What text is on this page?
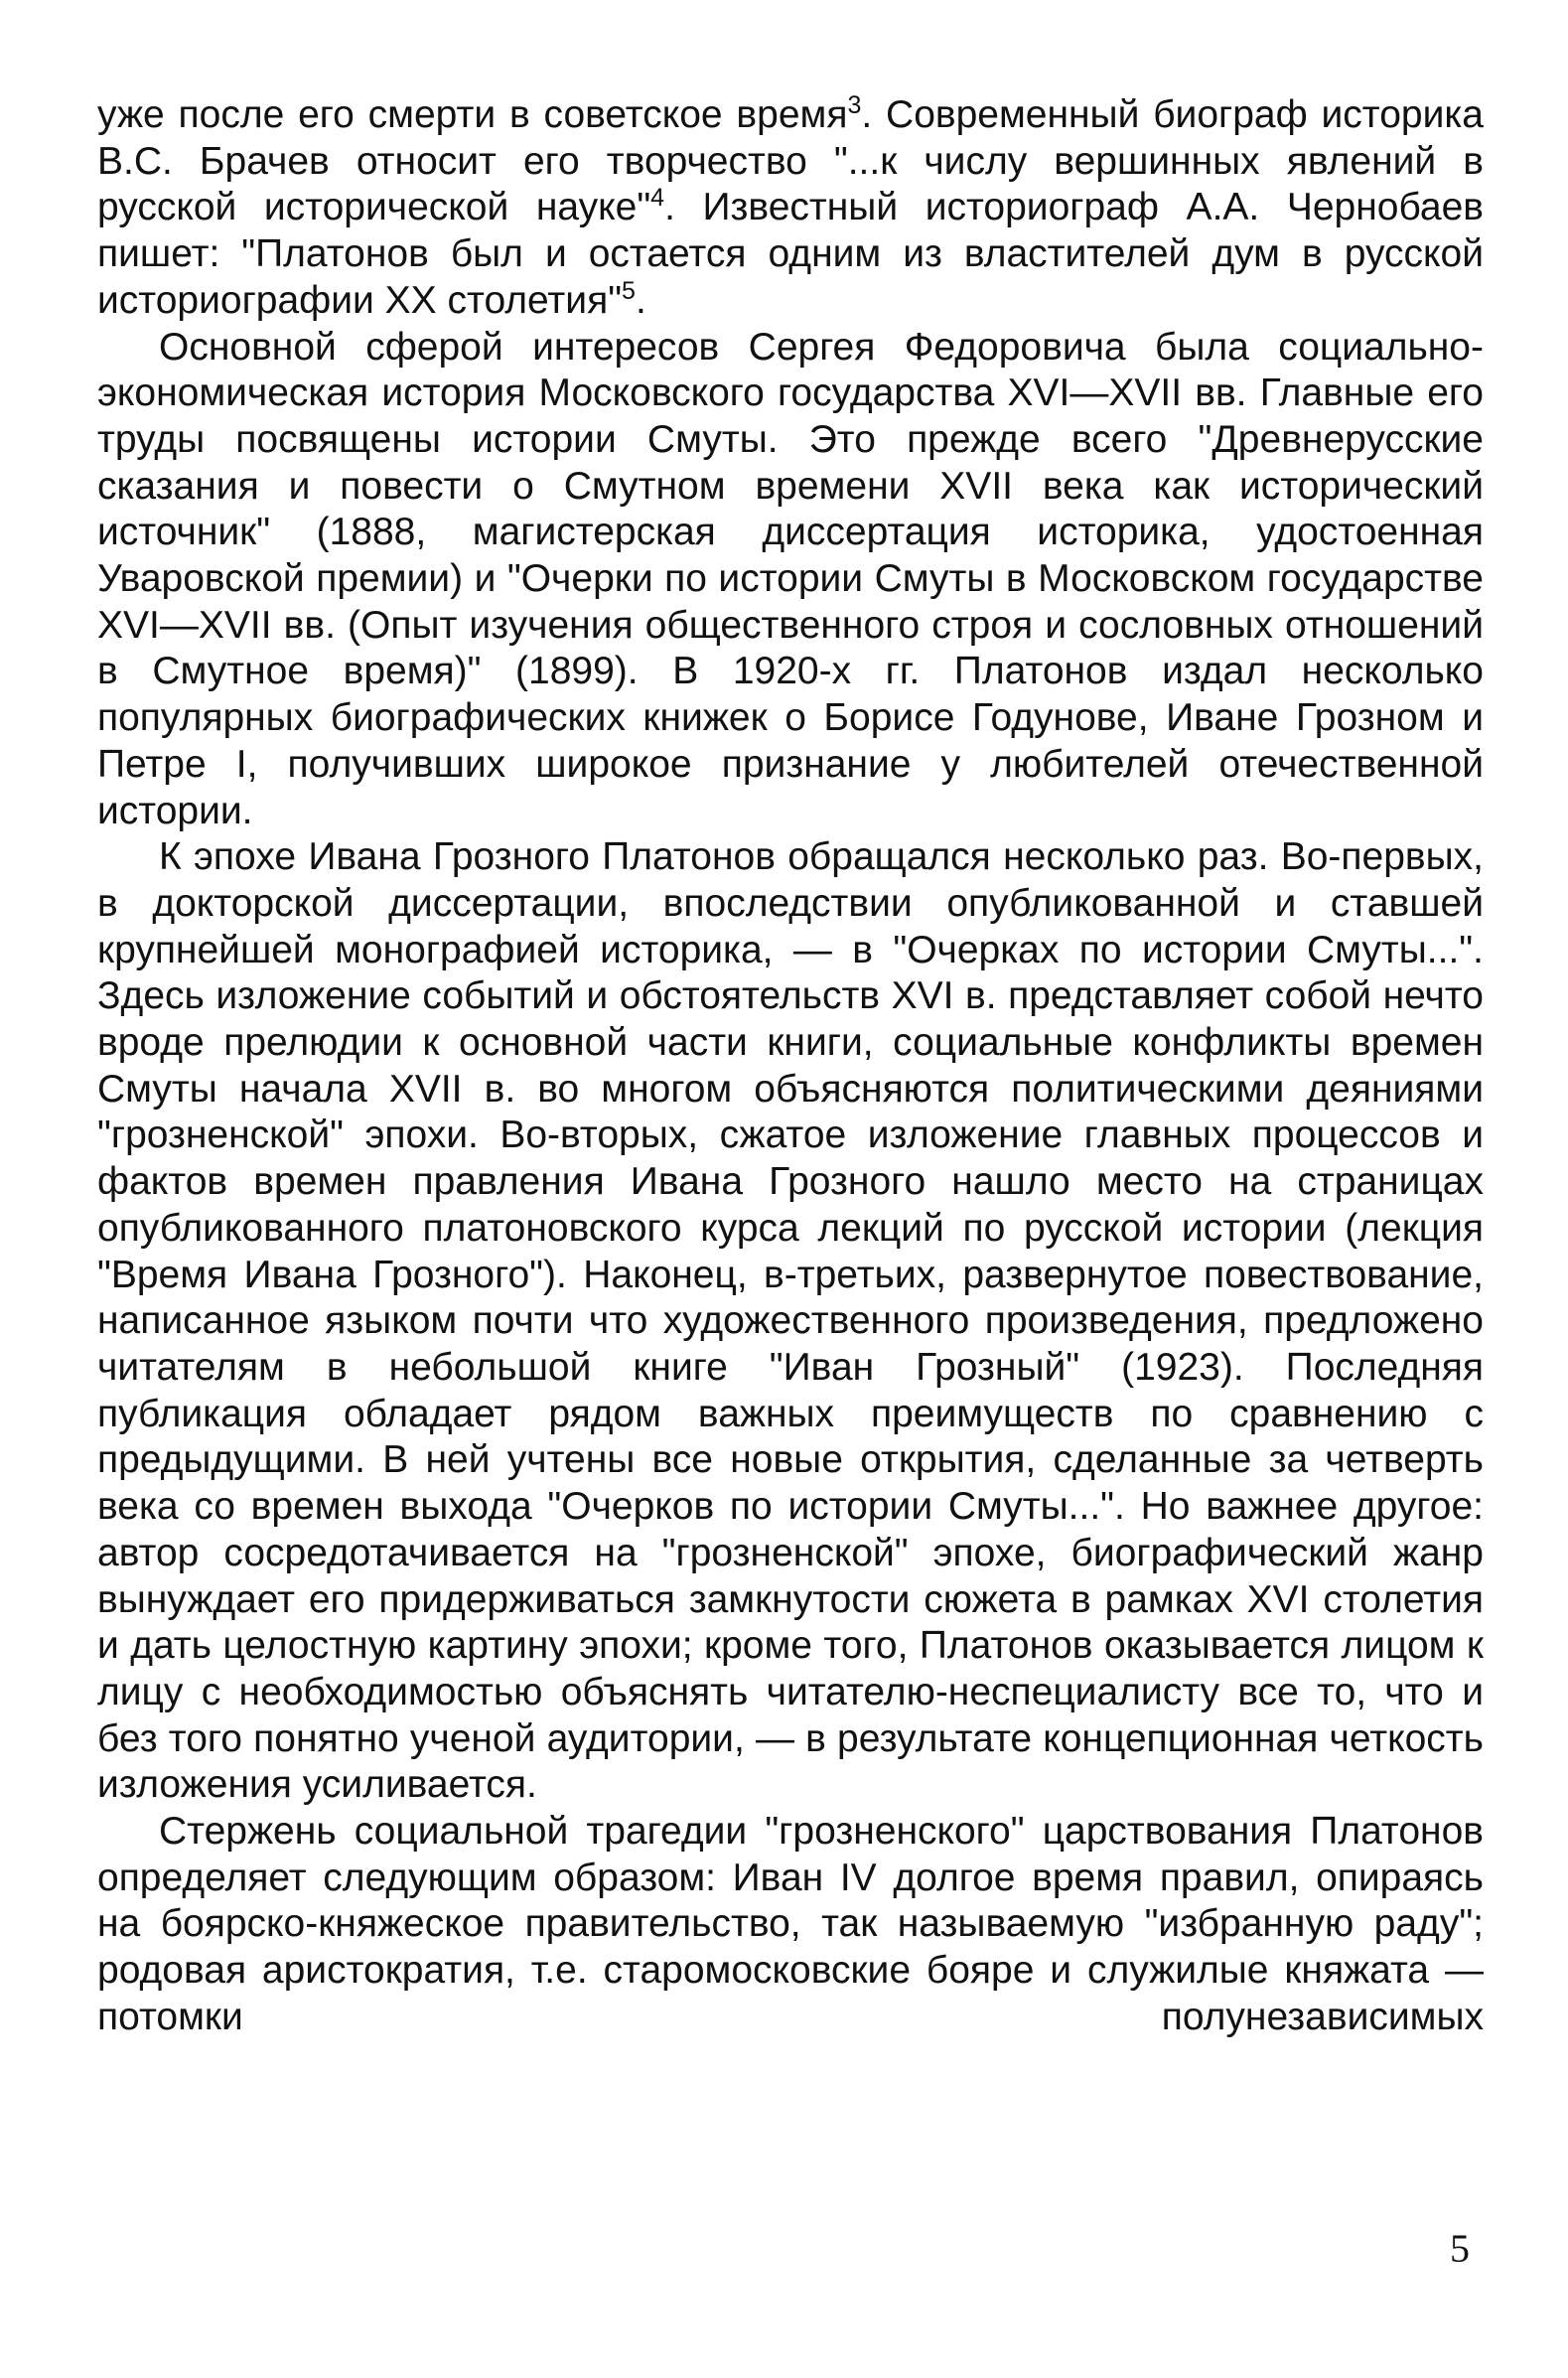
уже после его смерти в советское время$^3$. Современный биограф историка В.С. Брачев относит его творчество "...к числу вершинных явлений в русской исторической науке"$^4$. Известный историограф А.А. Чернобаев пишет: "Платонов был и остается одним из властителей дум в русской историографии XX столетия"$^5$.

Основной сферой интересов Сергея Федоровича была социально-экономическая история Московского государства XVI—XVII вв. Главные его труды посвящены истории Смуты. Это прежде всего "Древнерусские сказания и повести о Смутном времени XVII века как исторический источник" (1888, магистерская диссертация историка, удостоенная Уваровской премии) и "Очерки по истории Смуты в Московском государстве XVI—XVII вв. (Опыт изучения общественного строя и сословных отношений в Смутное время)" (1899). В 1920-х гг. Платонов издал несколько популярных биографических книжек о Борисе Годунове, Иване Грозном и Петре I, получивших широкое признание у любителей отечественной истории.

К эпохе Ивана Грозного Платонов обращался несколько раз. Во-первых, в докторской диссертации, впоследствии опубликованной и ставшей крупнейшей монографией историка, — в "Очерках по истории Смуты...". Здесь изложение событий и обстоятельств XVI в. представляет собой нечто вроде прелюдии к основной части книги, социальные конфликты времен Смуты начала XVII в. во многом объясняются политическими деяниями "грозненской" эпохи. Во-вторых, сжатое изложение главных процессов и фактов времен правления Ивана Грозного нашло место на страницах опубликованного платоновского курса лекций по русской истории (лекция "Время Ивана Грозного"). Наконец, в-третьих, развернутое повествование, написанное языком почти что художественного произведения, предложено читателям в небольшой книге "Иван Грозный" (1923). Последняя публикация обладает рядом важных преимуществ по сравнению с предыдущими. В ней учтены все новые открытия, сделанные за четверть века со времен выхода "Очерков по истории Смуты...". Но важнее другое: автор сосредотачивается на "грозненской" эпохе, биографический жанр вынуждает его придерживаться замкнутости сюжета в рамках XVI столетия и дать целостную картину эпохи; кроме того, Платонов оказывается лицом к лицу с необходимостью объяснять читателю-неспециалисту все то, что и без того понятно ученой аудитории, — в результате концепционная четкость изложения усиливается.

Стержень социальной трагедии "грозненского" царствования Платонов определяет следующим образом: Иван IV долгое время правил, опираясь на боярско-княжеское правительство, так называемую "избранную раду"; родовая аристократия, т.е. старомосковские бояре и служилые княжата — потомки полунезависимых

5
